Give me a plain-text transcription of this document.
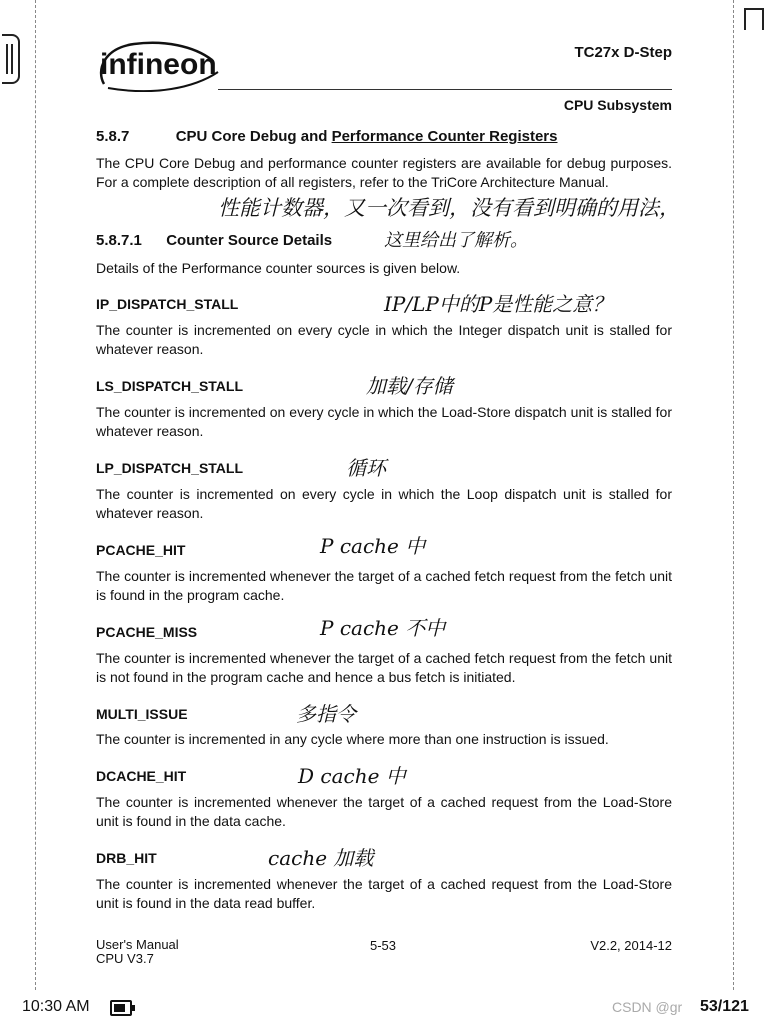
infineon	TC27x D-Step
CPU Subsystem
5.8.7	CPU Core Debug and Performance Counter Registers
The CPU Core Debug and performance counter registers are available for debug purposes. For a complete description of all registers, refer to the TriCore Architecture Manual.
性能计数器，又一次看到，没有看到明确的用法，
这里给出了解析。
5.8.7.1 Counter Source Details
Details of the Performance counter sources is given below.
IP_DISPATCH_STALL	IP/LP中的P是性能之意？
The counter is incremented on every cycle in which the Integer dispatch unit is stalled for whatever reason.
LS_DISPATCH_STALL	加载/存储
The counter is incremented on every cycle in which the Load-Store dispatch unit is stalled for whatever reason.
LP_DISPATCH_STALL	循环
The counter is incremented on every cycle in which the Loop dispatch unit is stalled for whatever reason.
PCACHE_HIT	P cache 中
The counter is incremented whenever the target of a cached fetch request from the fetch unit is found in the program cache.
PCACHE_MISS	P cache 不中
The counter is incremented whenever the target of a cached fetch request from the fetch unit is not found in the program cache and hence a bus fetch is initiated.
MULTI_ISSUE	多指令
The counter is incremented in any cycle where more than one instruction is issued.
DCACHE_HIT	D cache 中
The counter is incremented whenever the target of a cached request from the Load-Store unit is found in the data cache.
DRB_HIT	cache 加载
The counter is incremented whenever the target of a cached request from the Load-Store unit is found in the data read buffer.
User's Manual
CPU V3.7
5-53	V2.2, 2014-12
10:30 AM	CSDN @gr 53/121
